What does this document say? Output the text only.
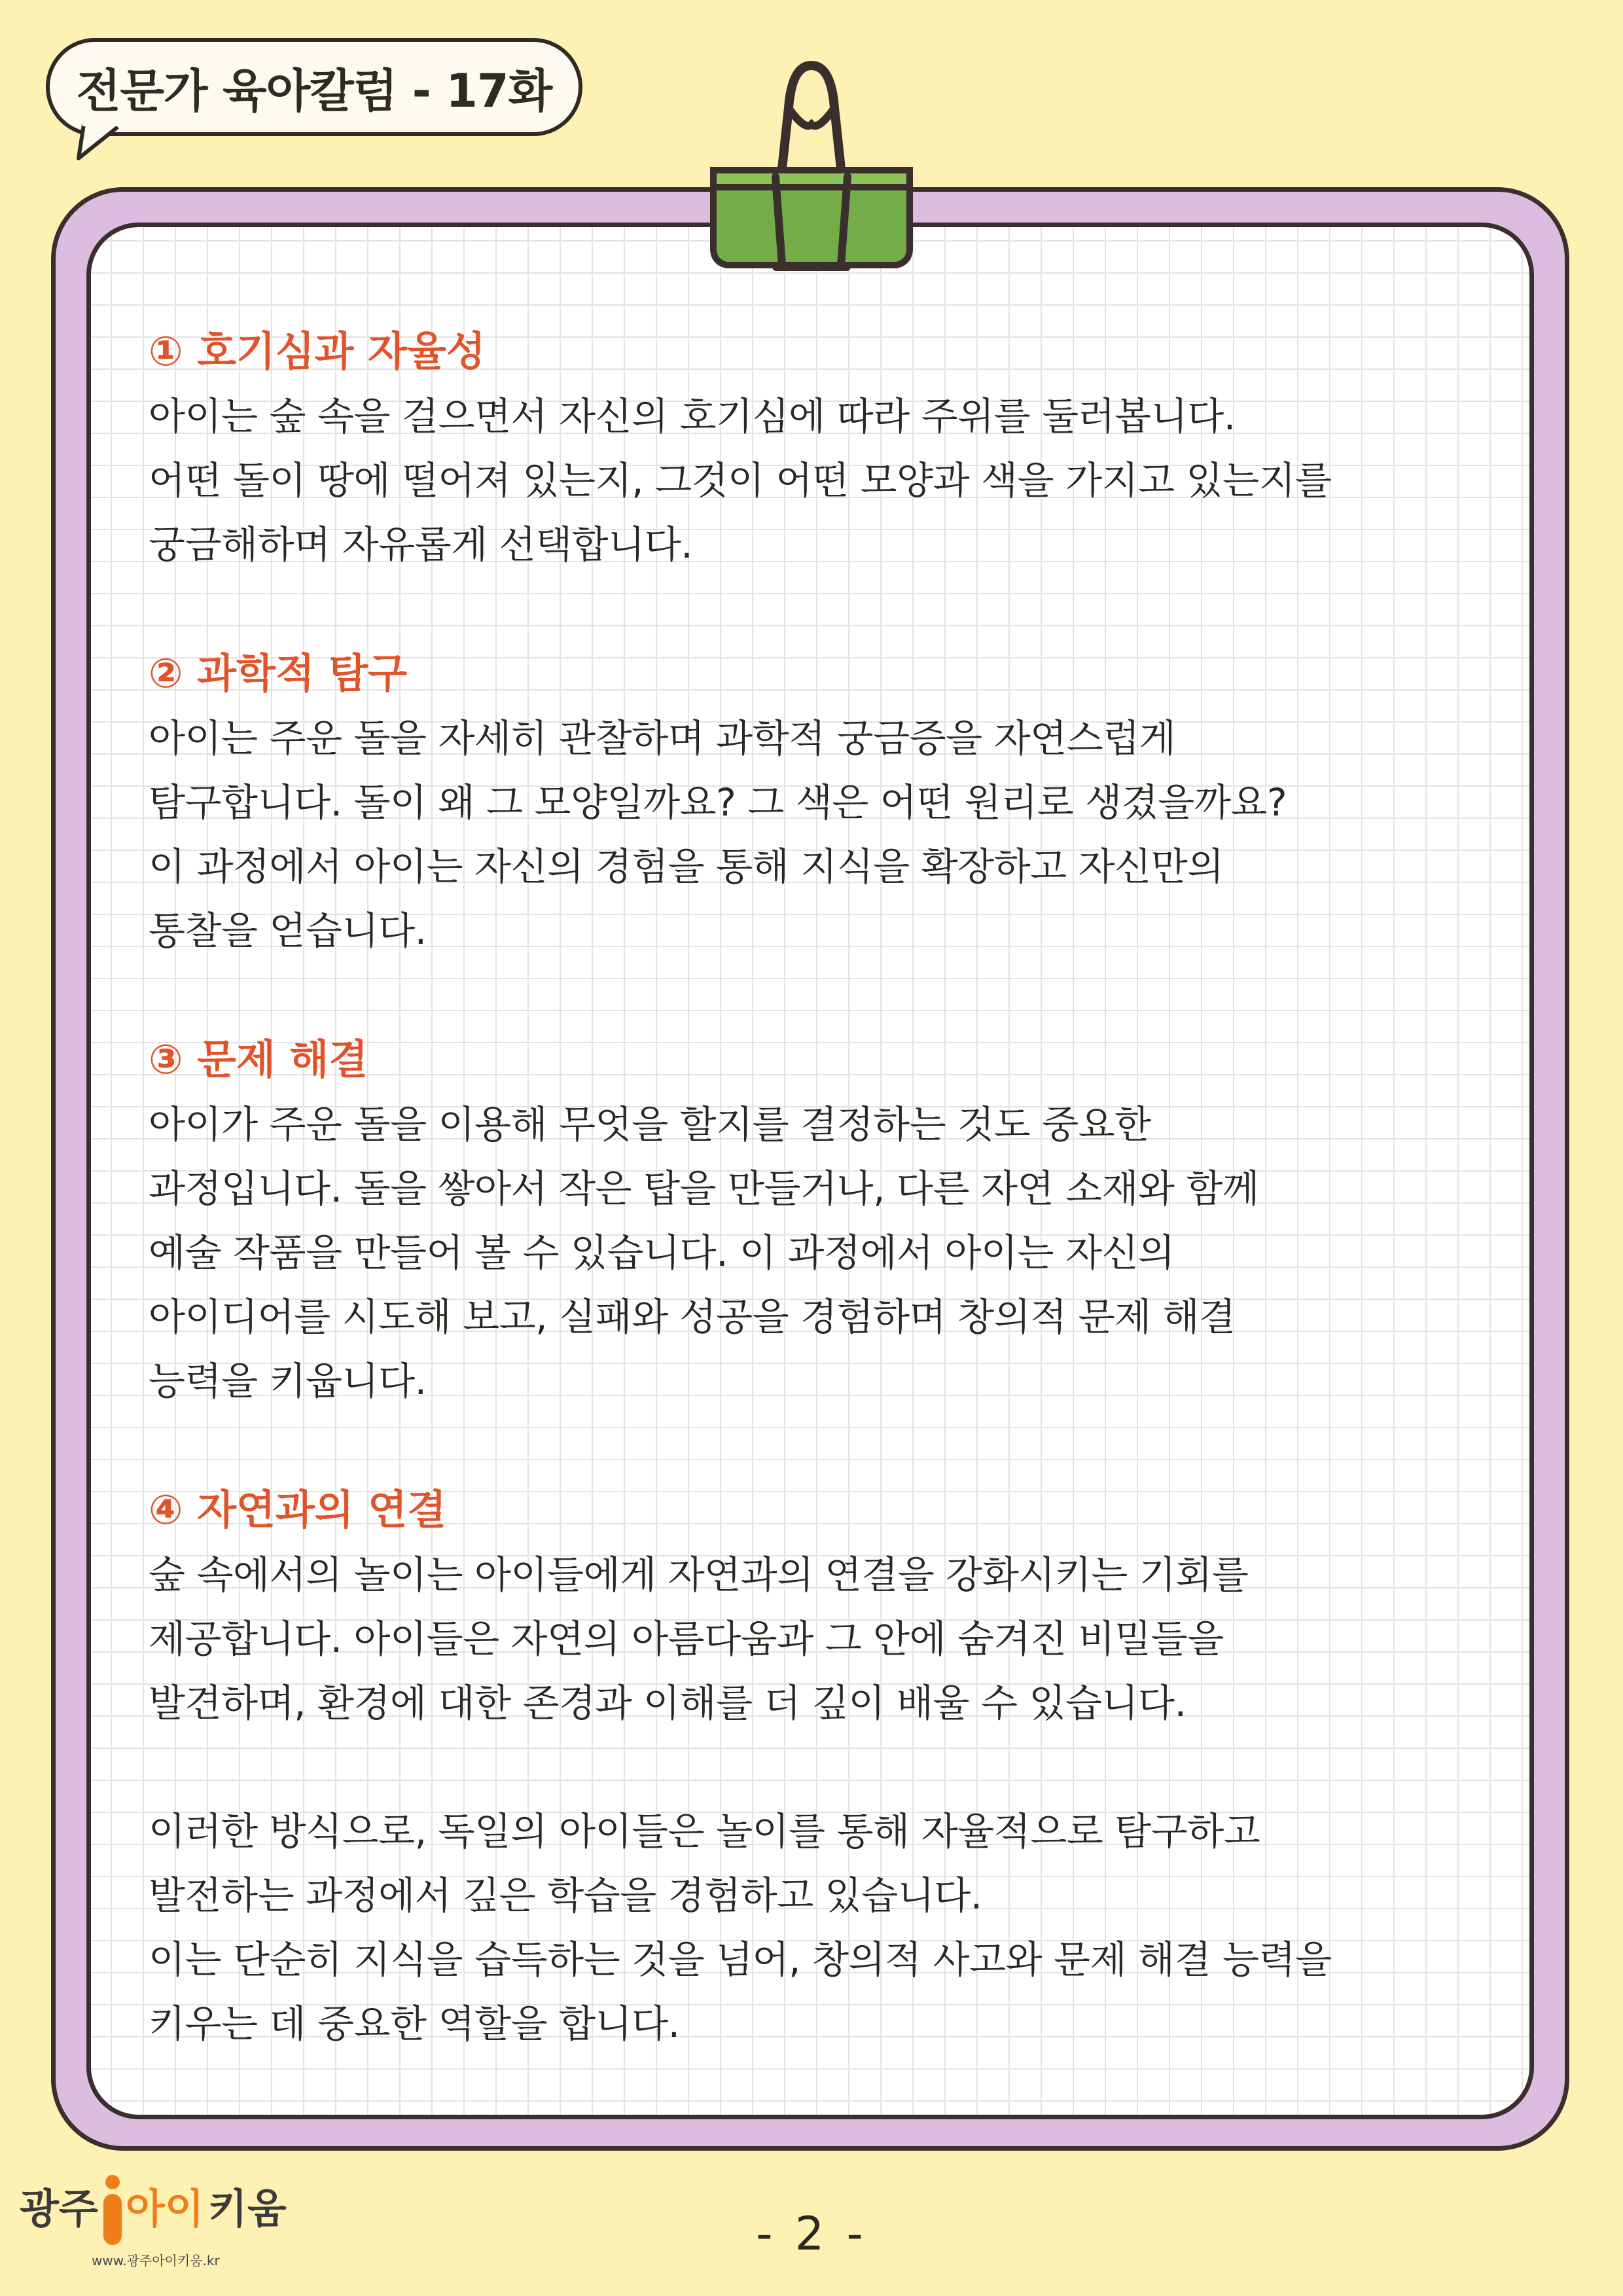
전문가 육아칼럼 - 17화
① 호기심과 자율성
아이는 숲 속을 걸으면서 자신의 호기심에 따라 주위를 둘러봅니다.
어떤 돌이 땅에 떨어져 있는지, 그것이 어떤 모양과 색을 가지고 있는지를
궁금해하며 자유롭게 선택합니다.
② 과학적 탐구
아이는 주운 돌을 자세히 관찰하며 과학적 궁금증을 자연스럽게
탐구합니다. 돌이 왜 그 모양일까요? 그 색은 어떤 원리로 생겼을까요?
이 과정에서 아이는 자신의 경험을 통해 지식을 확장하고 자신만의
통찰을 얻습니다.
③ 문제 해결
아이가 주운 돌을 이용해 무엇을 할지를 결정하는 것도 중요한
과정입니다. 돌을 쌓아서 작은 탑을 만들거나, 다른 자연 소재와 함께
예술 작품을 만들어 볼 수 있습니다. 이 과정에서 아이는 자신의
아이디어를 시도해 보고, 실패와 성공을 경험하며 창의적 문제 해결
능력을 키웁니다.
④ 자연과의 연결
숲 속에서의 놀이는 아이들에게 자연과의 연결을 강화시키는 기회를
제공합니다. 아이들은 자연의 아름다움과 그 안에 숨겨진 비밀들을
발견하며, 환경에 대한 존경과 이해를 더 깊이 배울 수 있습니다.
이러한 방식으로, 독일의 아이들은 놀이를 통해 자율적으로 탐구하고
발전하는 과정에서 깊은 학습을 경험하고 있습니다.
이는 단순히 지식을 습득하는 것을 넘어, 창의적 사고와 문제 해결 능력을
키우는 데 중요한 역할을 합니다.
광주 아이 키움
www.광주아이키움.kr	- 2 -
